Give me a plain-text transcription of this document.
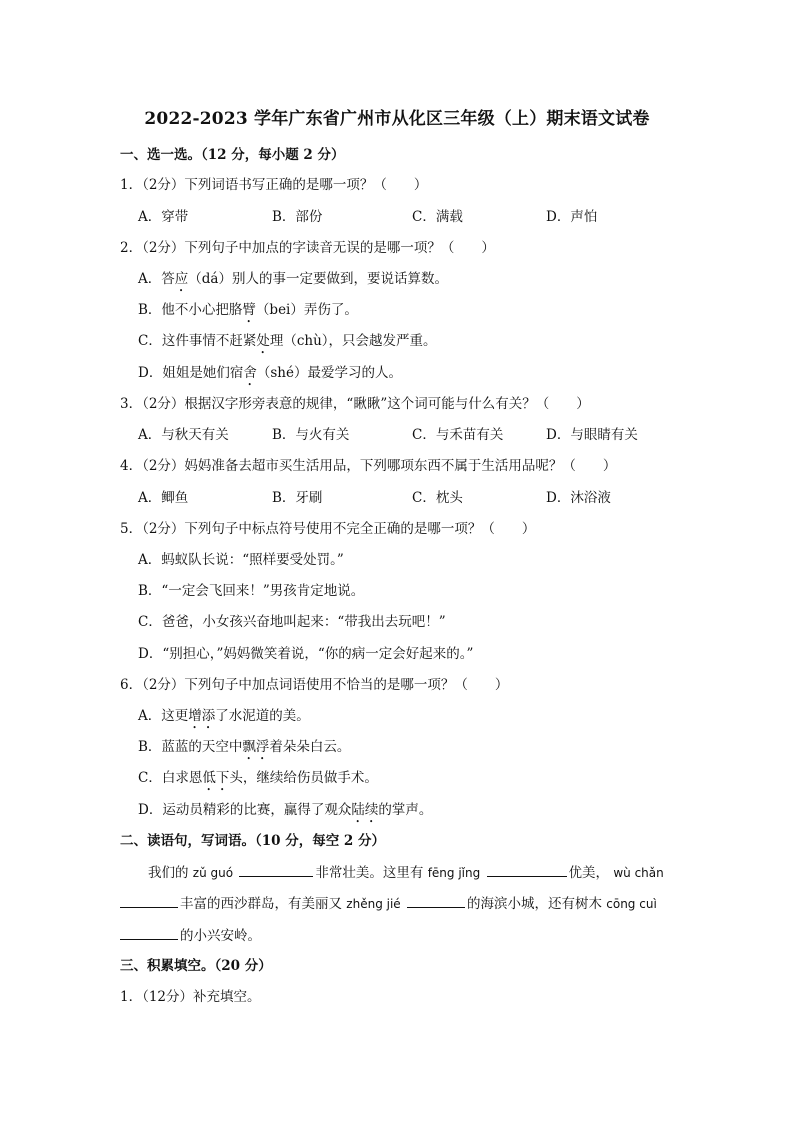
2022-2023 学年广东省广州市从化区三年级（上）期末语文试卷
一、选一选。（12 分，每小题 2 分）
1．（2分）下列词语书写正确的是哪一项？（　　）
A．穿带	B．部份	C．满载	D．声怕
2．（2分）下列句子中加点的字读音无误的是哪一项？（　　）
A．答应（dá）别人的事一定要做到，要说话算数。
B．他不小心把胳臂（bei）弄伤了。
C．这件事情不赶紧处理（chù），只会越发严重。
D．姐姐是她们宿舍（shé）最爱学习的人。
3．（2分）根据汉字形旁表意的规律，“瞅瞅”这个词可能与什么有关？（　　）
A．与秋天有关	B．与火有关	C．与禾苗有关	D．与眼睛有关
4．（2分）妈妈准备去超市买生活用品，下列哪项东西不属于生活用品呢？（　　）
A．鲫鱼	B．牙刷	C．枕头	D．沐浴液
5．（2分）下列句子中标点符号使用不完全正确的是哪一项？（　　）
A．蚂蚁队长说：“照样要受处罚。”
B．“一定会飞回来！”男孩肯定地说。
C．爸爸，小女孩兴奋地叫起来：“带我出去玩吧！”
D．“别担心，”妈妈微笑着说，“你的病一定会好起来的。”
6．（2分）下列句子中加点词语使用不恰当的是哪一项？（　　）
A．这更增添了水泥道的美。
B．蓝蓝的天空中飘浮着朵朵白云。
C．白求恩低下头，继续给伤员做手术。
D．运动员精彩的比赛，赢得了观众陆续的掌声。
二、读语句，写词语。（10 分，每空 2 分）
我们的 zǔ guó	非常壮美。这里有 fēng jǐng	优美， wù chǎn
丰富的西沙群岛，有美丽又 zhěng jié	的海滨小城，还有树木 cōng cuì
的小兴安岭。
三、积累填空。（20 分）
1．（12分）补充填空。
